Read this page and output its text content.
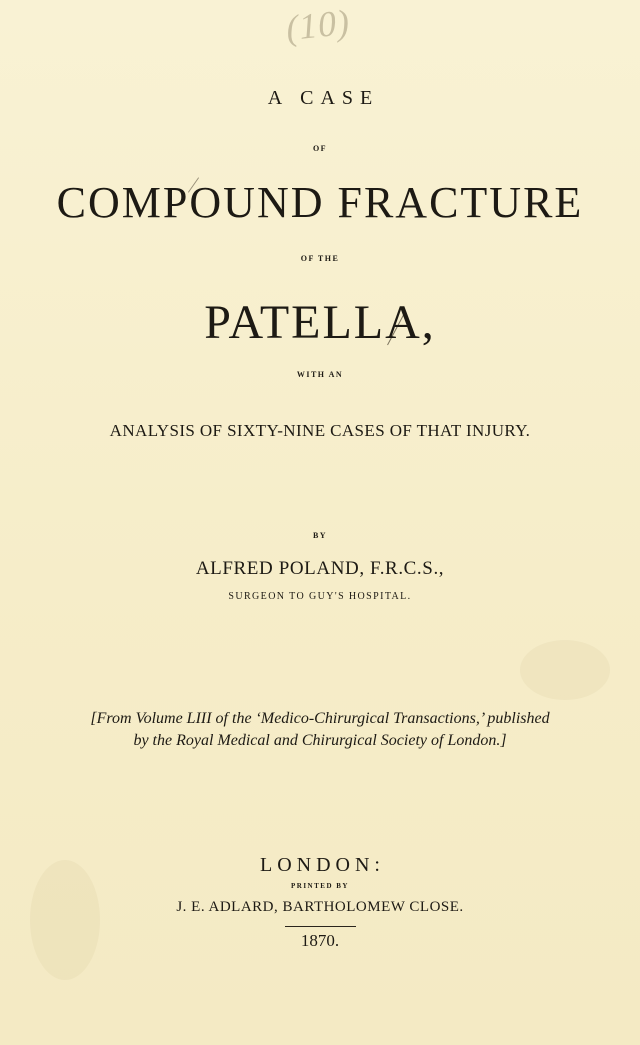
(10)
A CASE
OF
COMPOUND FRACTURE
OF THE
PATELLA,
WITH AN
ANALYSIS OF SIXTY-NINE CASES OF THAT INJURY.
BY
ALFRED POLAND, F.R.C.S.,
SURGEON TO GUY'S HOSPITAL.
[From Volume LIII of the ‘Medico-Chirurgical Transactions,’ published
by the Royal Medical and Chirurgical Society of London.]
LONDON:
PRINTED BY
J. E. ADLARD, BARTHOLOMEW CLOSE.
1870.
